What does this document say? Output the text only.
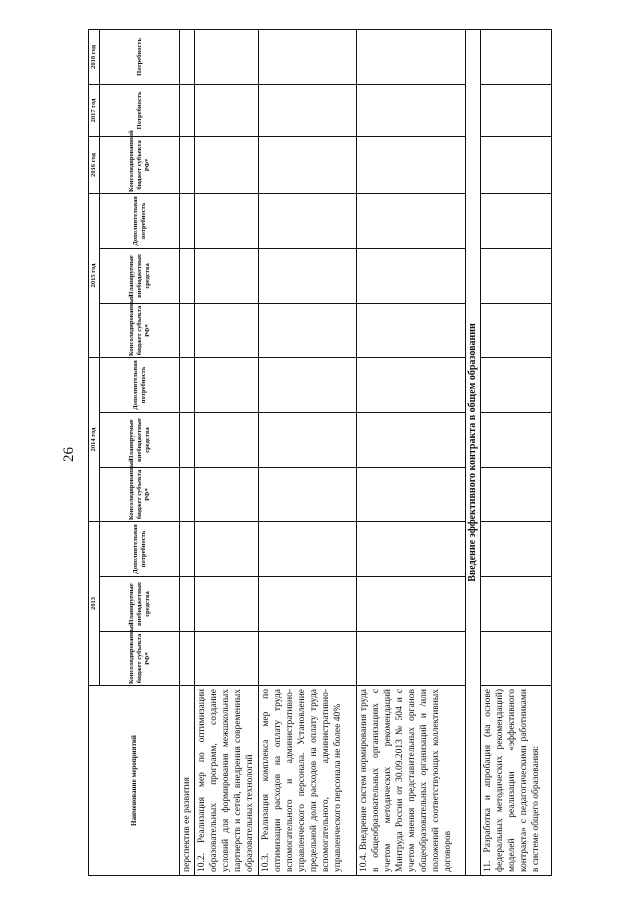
26
Наименование мероприятий	2013			2014 год			2015 год			2016 год	2017 год	2018 год
	Консолидированный бюджет субъекта РФ*	Планируемые внебюджетные средства	Дополнительная потребность	Консолидированный бюджет субъекта РФ*	Планируемые внебюджетные средства	Дополнительная потребность	Консолидированный бюджет субъекта РФ*	Планируемые внебюджетные средства	Дополнительная потребность	Консолидированный бюджет субъекта РФ*	Потребность	Потребность
перспектив ее развития												
10.2. Реализация мер по оптимизации образовательных программ, создание условий для формирования межшкольных партнерств и сетей, внедрения современных образовательных технологий												
10.3. Реализация комплекса мер по оптимизации расходов на оплату труда вспомогательного и административно-управленческого персонала. Установление предельной доли расходов на оплату труда вспомогательного, административно-управленческого персонала не более 40%												
10.4. Внедрение систем нормирования труда в общеобразовательных организациях с учетом методических рекомендаций Минтруда России от 30.09.2013 № 504 и с учетом мнения представительных органов общеобразовательных организаций и /или положений соответствующих коллективных договоров												
Введение эффективного контракта в общем образовании												
11. Разработка и апробация (на основе федеральных методических рекомендаций) моделей реализации «эффективного контракта» с педагогическими работниками в системе общего образования:												
